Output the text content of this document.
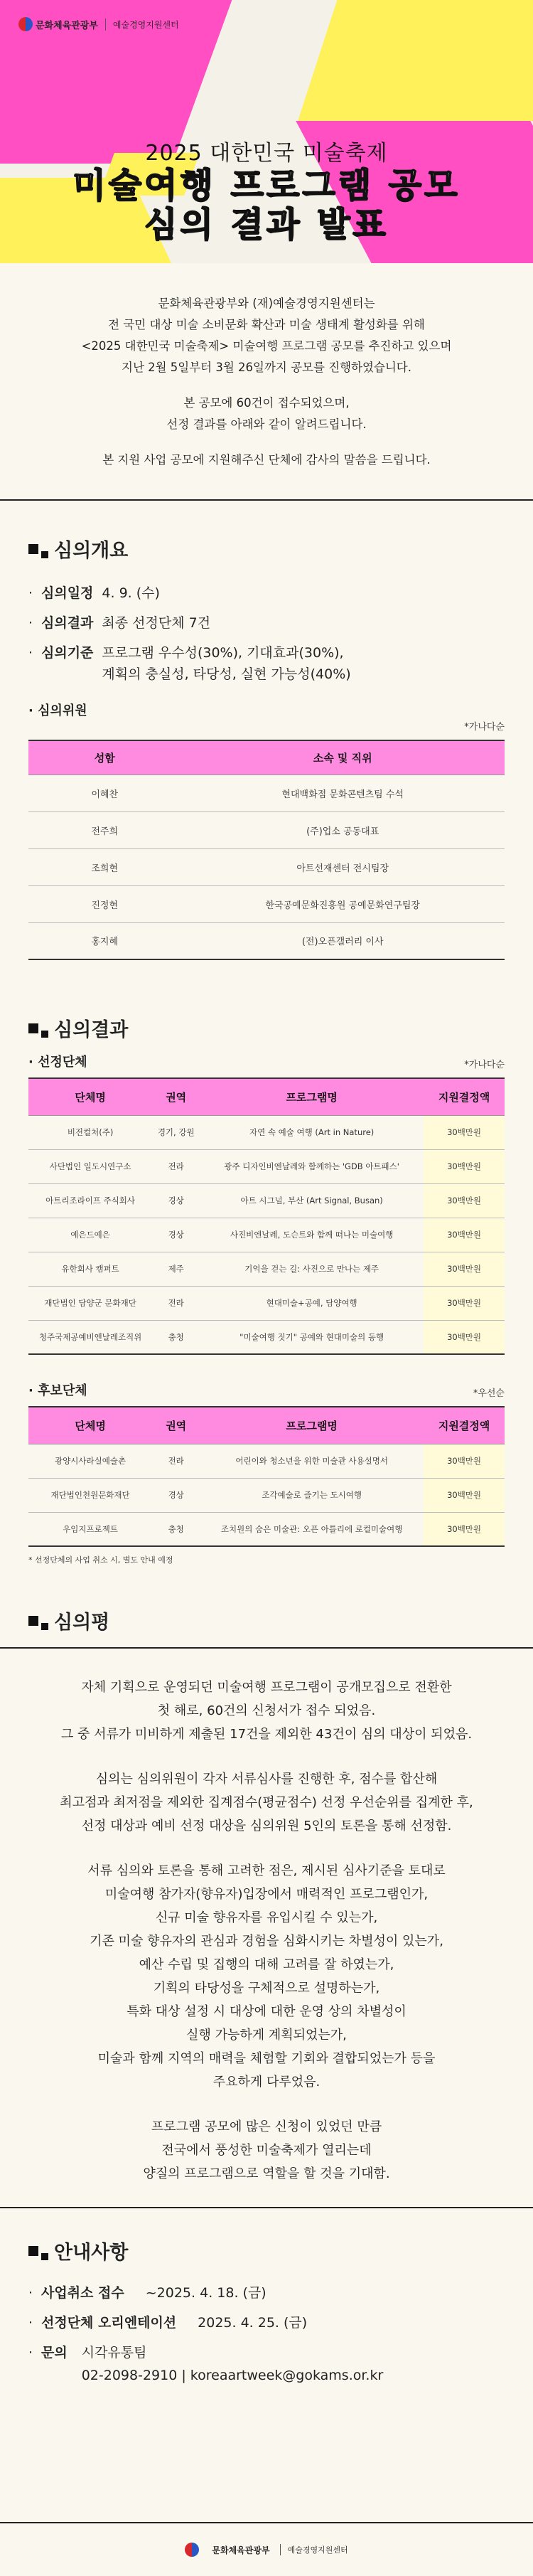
문화체육관광부	예술경영지원센터
2025 대한민국 미술축제
미술여행 프로그램 공모
심의 결과 발표

문화체육관광부와 (재)예술경영지원센터는
전 국민 대상 미술 소비문화 확산과 미술 생태계 활성화를 위해
<2025 대한민국 미술축제> 미술여행 프로그램 공모를 추진하고 있으며
지난 2월 5일부터 3월 26일까지 공모를 진행하였습니다.

본 공모에 60건이 접수되었으며,
선정 결과를 아래와 같이 알려드립니다.

본 지원 사업 공모에 지원해주신 단체에 감사의 말씀을 드립니다.

심의개요
· 심의일정 4. 9. (수)
· 심의결과 최종 선정단체 7건
· 심의기준 프로그램 우수성(30%), 기대효과(30%),
계획의 충실성, 타당성, 실현 가능성(40%)
· 심의위원
*가나다순
성함	소속 및 직위
이혜찬	현대백화점 문화콘텐츠팀 수석
전주희	(주)업소 공동대표
조희현	아트선재센터 전시팀장
진정현	한국공예문화진흥원 공예문화연구팀장
홍지혜	(전)오픈갤러리 이사
심의결과
· 선정단체	*가나다순
단체명	권역	프로그램명	지원결정액
비전컬처(주)	경기, 강원	자연 속 예술 여행 (Art in Nature)	30백만원
사단법인 일도시연구소	전라	광주 디자인비엔날레와 함께하는 'GDB 아트패스'	30백만원
아트리조라이프 주식회사	경상	아트 시그널, 부산 (Art Signal, Busan)	30백만원
예은드예은	경상	사진비엔날레, 도슨트와 함께 떠나는 미술여행	30백만원
유한회사 캠퍼트	제주	기억을 걷는 길: 사진으로 만나는 제주	30백만원
재단법인 담양군 문화재단	전라	현대미술+공예, 담양여행	30백만원
청주국제공예비엔날레조직위	충청	"미술여행 짓기" 공예와 현대미술의 동행	30백만원
· 후보단체	*우선순
단체명	권역	프로그램명	지원결정액
광양시사라실예술촌	전라	어린이와 청소년을 위한 미술관 사용설명서	30백만원
재단법인천원문화재단	경상	조각예술로 즐기는 도시여행	30백만원
우임지프로젝트	충청	조치원의 숨은 미술관: 오픈 아틀리에 로컬미술여행	30백만원
* 선정단체의 사업 취소 시, 별도 안내 예정
심의평

자체 기획으로 운영되던 미술여행 프로그램이 공개모집으로 전환한
첫 해로, 60건의 신청서가 접수 되었음.
그 중 서류가 미비하게 제출된 17건을 제외한 43건이 심의 대상이 되었음.

심의는 심의위원이 각자 서류심사를 진행한 후, 점수를 합산해
최고점과 최저점을 제외한 집계점수(평균점수) 선정 우선순위를 집계한 후,
선정 대상과 예비 선정 대상을 심의위원 5인의 토론을 통해 선정함.

서류 심의와 토론을 통해 고려한 점은, 제시된 심사기준을 토대로
미술여행 참가자(향유자)입장에서 매력적인 프로그램인가,
신규 미술 향유자를 유입시킬 수 있는가,
기존 미술 향유자의 관심과 경험을 심화시키는 차별성이 있는가,
예산 수립 및 집행의 대해 고려를 잘 하였는가,
기획의 타당성을 구체적으로 설명하는가,
특화 대상 설정 시 대상에 대한 운영 상의 차별성이
실행 가능하게 계획되었는가,
미술과 함께 지역의 매력을 체험할 기회와 결합되었는가 등을
주요하게 다루었음.

프로그램 공모에 많은 신청이 있었던 만큼
전국에서 풍성한 미술축제가 열리는데
양질의 프로그램으로 역할을 할 것을 기대함.

안내사항
· 사업취소 접수 ~2025. 4. 18. (금)
· 선정단체 오리엔테이션 2025. 4. 25. (금)
· 문의 시각유통팀
02-2098-2910 | koreaartweek@gokams.or.kr
문화체육관광부	예술경영지원센터
